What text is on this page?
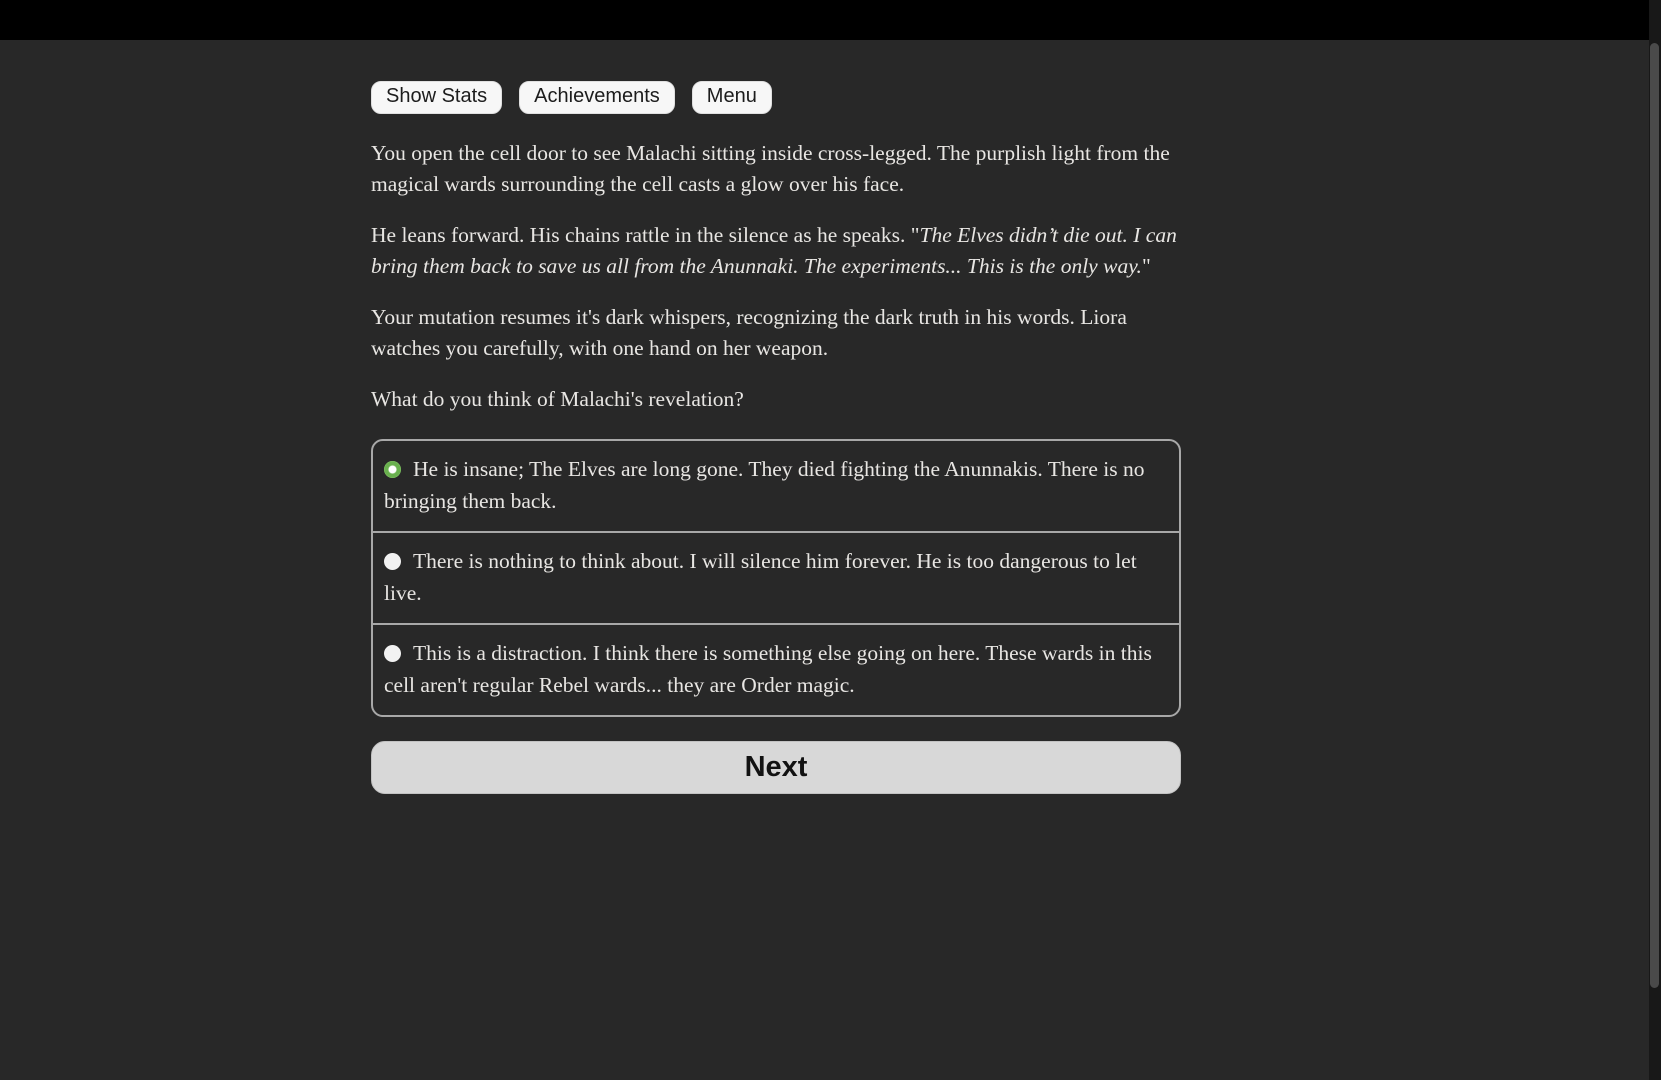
Show Stats	Achievements	Menu

You open the cell door to see Malachi sitting inside cross-legged. The purplish light from the magical wards surrounding the cell casts a glow over his face.

He leans forward. His chains rattle in the silence as he speaks. "The Elves didn’t die out. I can bring them back to save us all from the Anunnaki. The experiments... This is the only way."

Your mutation resumes it's dark whispers, recognizing the dark truth in his words. Liora watches you carefully, with one hand on her weapon.

What do you think of Malachi's revelation?

He is insane; The Elves are long gone. They died fighting the Anunnakis. There is no bringing them back.
There is nothing to think about. I will silence him forever. He is too dangerous to let live.
This is a distraction. I think there is something else going on here. These wards in this cell aren't regular Rebel wards... they are Order magic.
Next
